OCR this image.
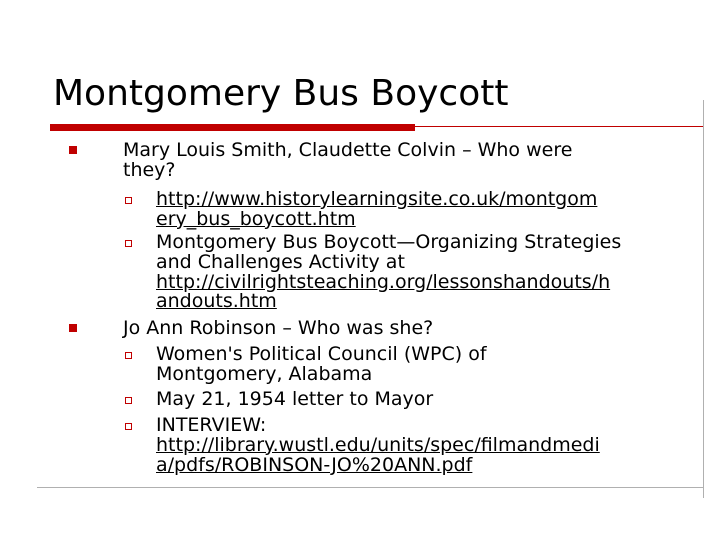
Montgomery Bus Boycott
Mary Louis Smith, Claudette Colvin – Who were
they?
http://www.historylearningsite.co.uk/montgom
ery_bus_boycott.htm
Montgomery Bus Boycott—Organizing Strategies
and Challenges Activity at
http://civilrightsteaching.org/lessonshandouts/h
andouts.htm
Jo Ann Robinson – Who was she?
Women's Political Council (WPC) of
Montgomery, Alabama
May 21, 1954 letter to Mayor
INTERVIEW:
http://library.wustl.edu/units/spec/filmandmedi
a/pdfs/ROBINSON-JO%20ANN.pdf
